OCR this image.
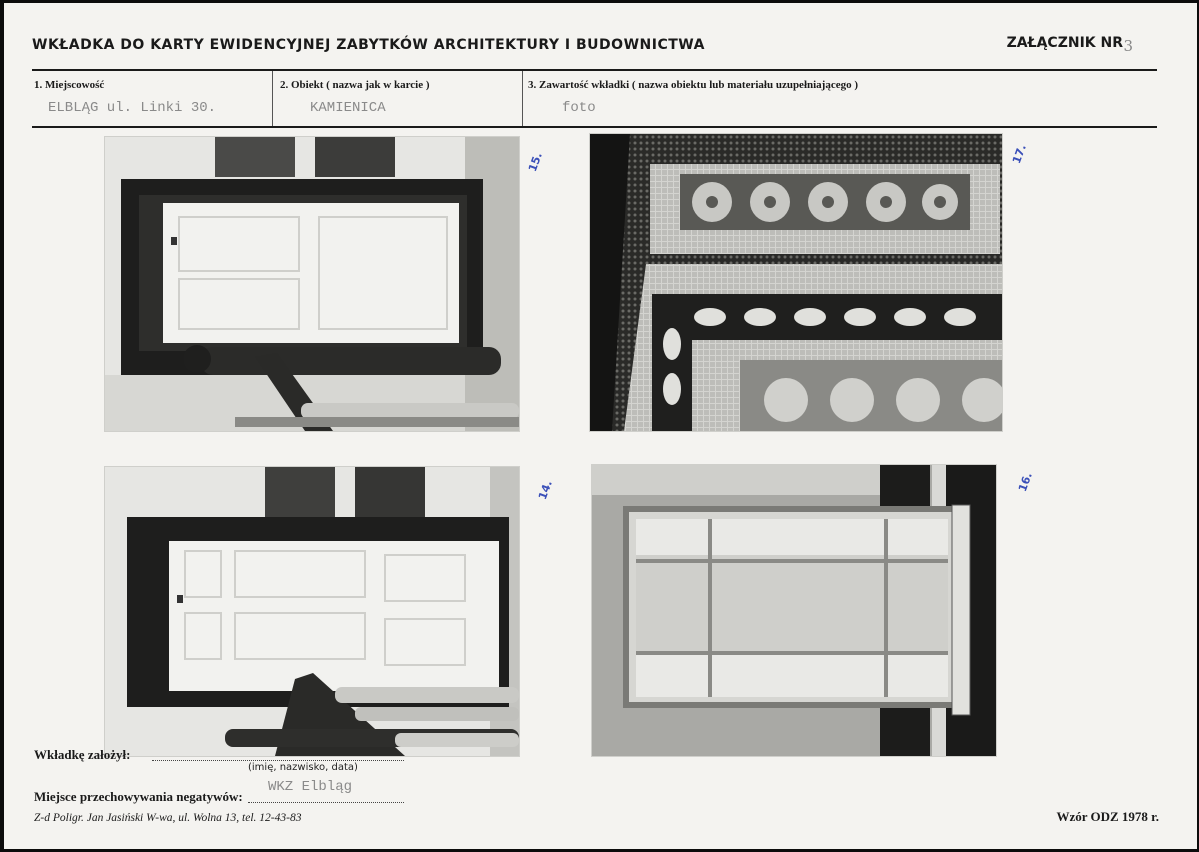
WKŁADKA DO KARTY EWIDENCYJNEJ ZABYTKÓW ARCHITEKTURY I BUDOWNICTWA	ZAŁĄCZNIK NR 3
1. Miejscowość
ELBLĄG ul. Linki 30.
2. Obiekt ( nazwa jak w karcie )
KAMIENICA
3. Zawartość wkładki ( nazwa obiektu lub materiału uzupełniającego )
foto
15.	17.
14.	16.
Wkładkę założył:
(imię, nazwisko, data)
Miejsce przechowywania negatywów:
WKZ Elbląg
Z-d Poligr. Jan Jasiński W-wa, ul. Wolna 13, tel. 12-43-83	Wzór ODZ 1978 r.
